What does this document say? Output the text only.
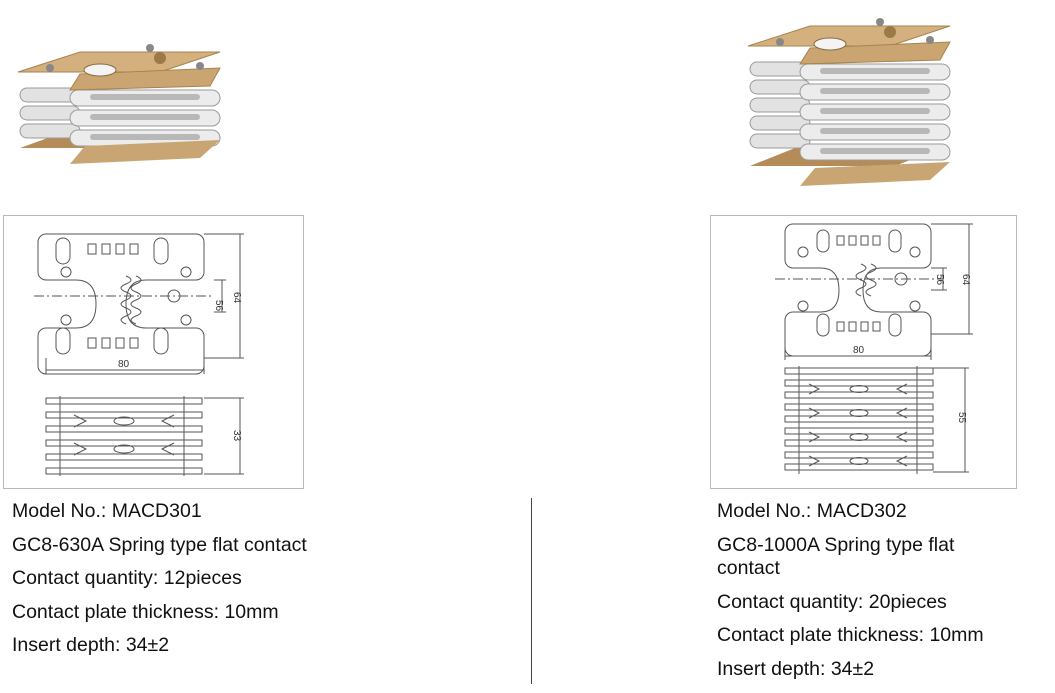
56
64
80
33
56 64
80
55
Model No.: MACD301
GC8-630A Spring type flat contact
Contact quantity: 12pieces
Contact plate thickness: 10mm
Insert depth: 34±2
Model No.: MACD302
GC8-1000A Spring type flat
contact
Contact quantity: 20pieces
Contact plate thickness: 10mm
Insert depth: 34±2
